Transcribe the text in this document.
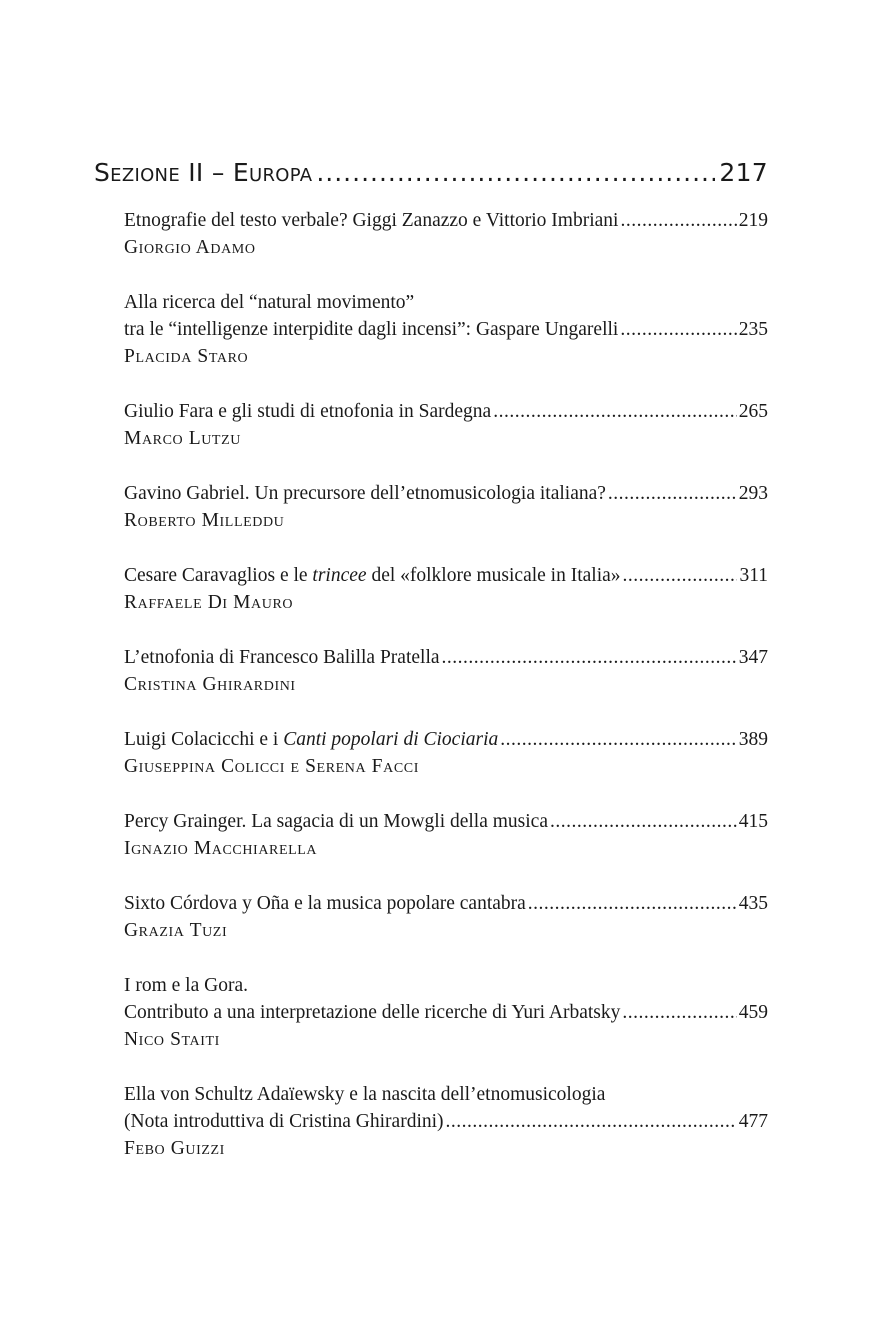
Sezione II – Europa .....	217
Etnografie del testo verbale? Giggi Zanazzo e Vittorio Imbriani .....	219
Giorgio Adamo
Alla ricerca del “natural movimento”
tra le “intelligenze interpidite dagli incensi”: Gaspare Ungarelli .....	235
Placida Staro
Giulio Fara e gli studi di etnofonia in Sardegna .....	265
Marco Lutzu
Gavino Gabriel. Un precursore dell’etnomusicologia italiana? .....	293
Roberto Milleddu
Cesare Caravaglios e le trincee del «folklore musicale in Italia» .....	311
Raffaele Di Mauro
L’etnofonia di Francesco Balilla Pratella .....	347
Cristina Ghirardini
Luigi Colacicchi e i Canti popolari di Ciociaria .....	389
Giuseppina Colicci e Serena Facci
Percy Grainger. La sagacia di un Mowgli della musica .....	415
Ignazio Macchiarella
Sixto Córdova y Oña e la musica popolare cantabra .....	435
Grazia Tuzi
I rom e la Gora.
Contributo a una interpretazione delle ricerche di Yuri Arbatsky .....	459
Nico Staiti
Ella von Schultz Adaïewsky e la nascita dell’etnomusicologia
(Nota introduttiva di Cristina Ghirardini) .....	477
Febo Guizzi
